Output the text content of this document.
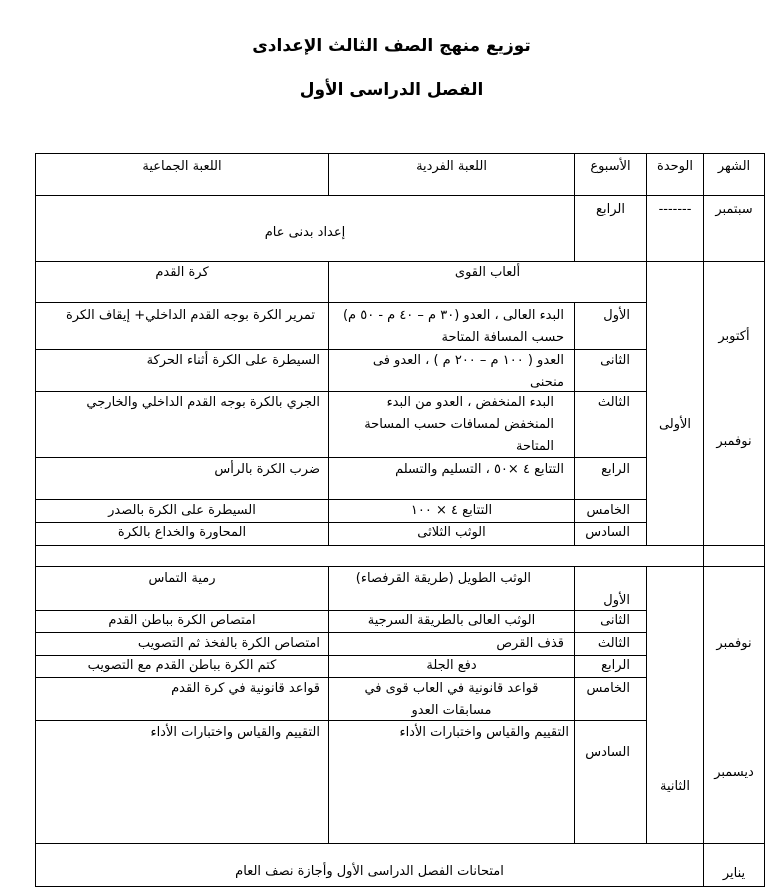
توزيع منهج الصف الثالث الإعدادى
الفصل الدراسى الأول
الشهر
الوحدة
الأسبوع
اللعبة الفردية
اللعبة الجماعية
سبتمبر
-------
الرابع
إعداد بدنى عام
الأولى
أكتوبر
نوفمبر
ألعاب القوى
كرة القدم
الأول
البدء العالى ، العدو (٣٠ م – ٤٠ م - ٥٠ م) حسب المسافة المتاحة
تمرير الكرة بوجه القدم الداخلي+ إيقاف الكرة
الثانى
العدو ( ١٠٠ م – ٢٠٠ م ) ، العدو فى منحنى
السيطرة على الكرة أثناء الحركة
الثالث
البدء المنخفض ، العدو من البدء المنخفض لمسافات حسب المساحة المتاحة
الجري بالكرة بوجه القدم الداخلي والخارجي
الرابع
التتابع ٤ ×٥٠ ، التسليم والتسلم
ضرب الكرة بالرأس
الخامس
التتابع ٤ × ١٠٠
السيطرة على الكرة بالصدر
السادس
الوثب الثلاثى
المحاورة والخداع بالكرة
الثانية
نوفمبر
ديسمبر
الأول
الوثب الطويل (طريقة القرفصاء)
رمية التماس
الثانى
الوثب العالى بالطريقة السرجية
امتصاص الكرة بباطن القدم
الثالث
قذف القرص
امتصاص الكرة بالفخذ ثم التصويب
الرابع
دفع الجلة
كتم الكرة بباطن القدم مع التصويب
الخامس
قواعد قانونية في العاب قوى في مسابقات العدو
قواعد قانونية في كرة القدم
السادس
التقييم والقياس واختبارات الأداء
التقييم والقياس واختبارات الأداء
يناير
امتحانات الفصل الدراسى الأول وأجازة نصف العام
